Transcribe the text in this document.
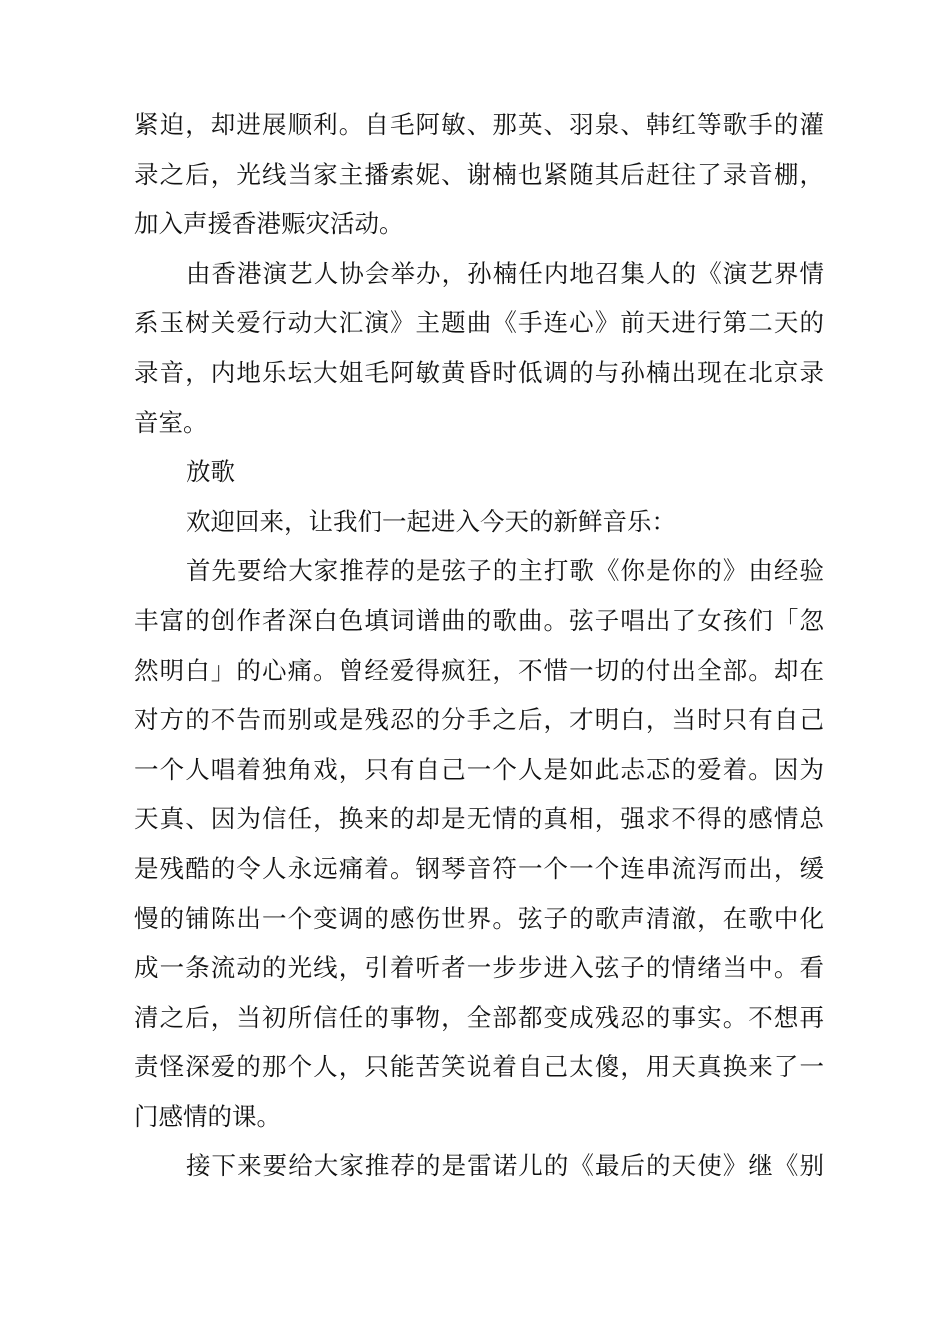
紧迫，却进展顺利。自毛阿敏、那英、羽泉、韩红等歌手的灌
录之后，光线当家主播索妮、谢楠也紧随其后赶往了录音棚，
加入声援香港赈灾活动。
由香港演艺人协会举办，孙楠任内地召集人的《演艺界情
系玉树关爱行动大汇演》主题曲《手连心》前天进行第二天的
录音，内地乐坛大姐毛阿敏黄昏时低调的与孙楠出现在北京录
音室。
放歌
欢迎回来，让我们一起进入今天的新鲜音乐：
首先要给大家推荐的是弦子的主打歌《你是你的》由经验
丰富的创作者深白色填词谱曲的歌曲。弦子唱出了女孩们「忽
然明白」的心痛。曾经爱得疯狂，不惜一切的付出全部。却在
对方的不告而别或是残忍的分手之后，才明白，当时只有自己
一个人唱着独角戏，只有自己一个人是如此忐忑的爱着。因为
天真、因为信任，换来的却是无情的真相，强求不得的感情总
是残酷的令人永远痛着。钢琴音符一个一个连串流泻而出，缓
慢的铺陈出一个变调的感伤世界。弦子的歌声清澈，在歌中化
成一条流动的光线，引着听者一步步进入弦子的情绪当中。看
清之后，当初所信任的事物，全部都变成残忍的事实。不想再
责怪深爱的那个人，只能苦笑说着自己太傻，用天真换来了一
门感情的课。
接下来要给大家推荐的是雷诺儿的《最后的天使》继《别
